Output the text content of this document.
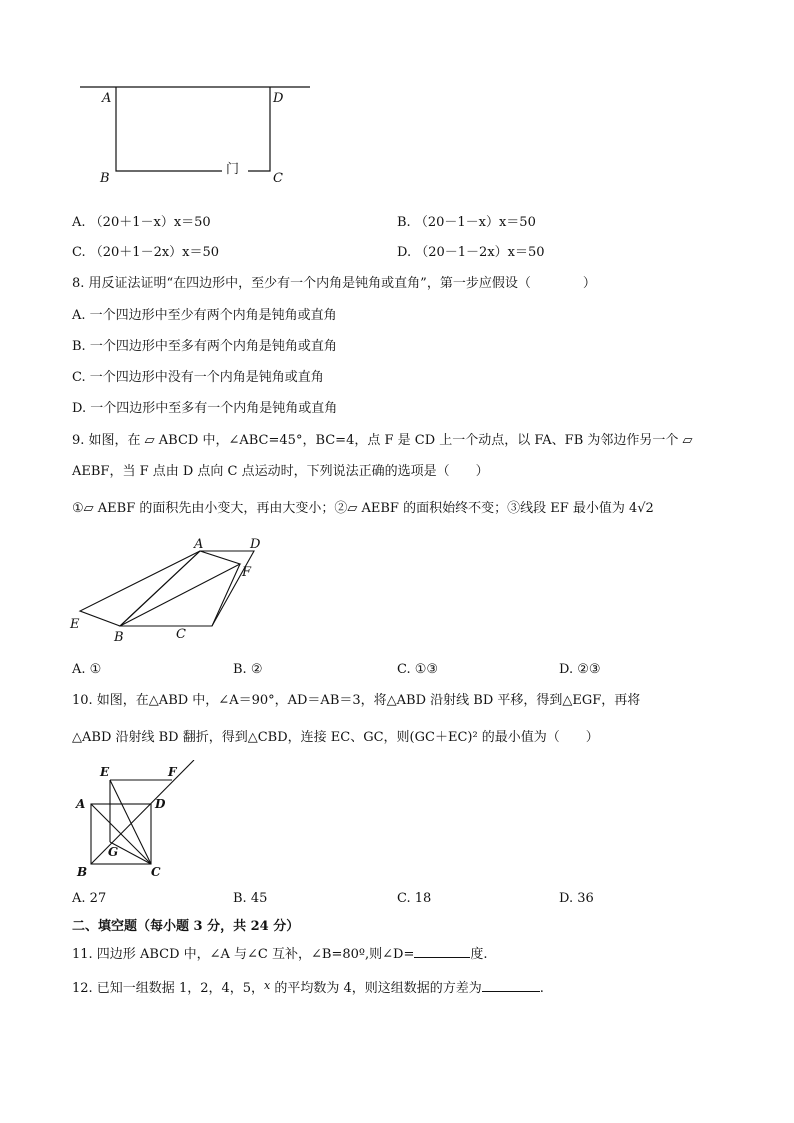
A	D
B	C
门
A. （20＋1－x）x＝50	B. （20－1－x）x＝50
C. （20＋1－2x）x＝50	D. （20－1－2x）x＝50
8. 用反证法证明“在四边形中，至少有一个内角是钝角或直角”，第一步应假设（　　　　）
A. 一个四边形中至少有两个内角是钝角或直角
B. 一个四边形中至多有两个内角是钝角或直角
C. 一个四边形中没有一个内角是钝角或直角
D. 一个四边形中至多有一个内角是钝角或直角
9. 如图，在 ▱ ABCD 中，∠ABC=45°，BC=4，点 F 是 CD 上一个动点，以 FA、FB 为邻边作另一个 ▱
AEBF，当 F 点由 D 点向 C 点运动时，下列说法正确的选项是（　　）
①▱ AEBF 的面积先由小变大，再由大变小；②▱ AEBF 的面积始终不变；③线段 EF 最小值为 4√2
A	D
F
E
B	C
A. ①	B. ②	C. ①③	D. ②③
10. 如图，在△ABD 中，∠A＝90°，AD＝AB＝3，将△ABD 沿射线 BD 平移，得到△EGF，再将
△ABD 沿射线 BD 翻折，得到△CBD，连接 EC、GC，则(GC＋EC)² 的最小值为（　　）
E	F
A	D
G
B	C
A. 27	B. 45	C. 18	D. 36
二、填空题（每小题 3 分，共 24 分）
11. 四边形 ABCD 中，∠A 与∠C 互补，∠B=80º,则∠D=	度.
12. 已知一组数据 1，2，4，5，$^x$ 的平均数为 4，则这组数据的方差为	.
